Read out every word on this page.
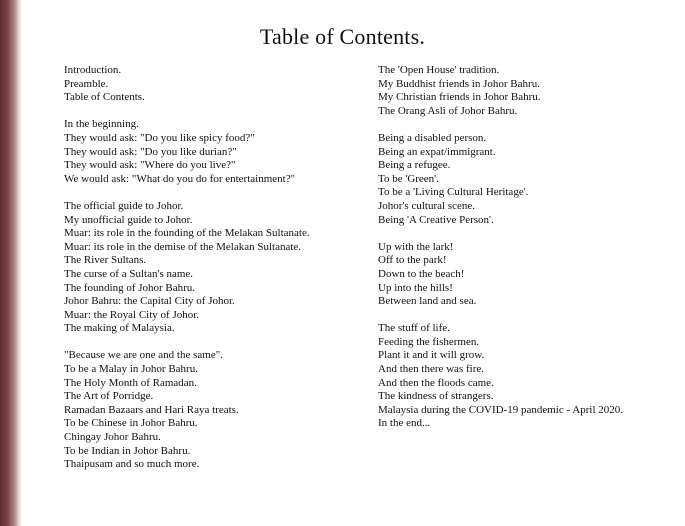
Table of Contents.
Introduction.
Preamble.
Table of Contents.
In the beginning.
They would ask: "Do you like spicy food?"
They would ask: "Do you like durian?"
They would ask: "Where do you live?"
We would ask: "What do you do for entertainment?"
The official guide to Johor.
My unofficial guide to Johor.
Muar: its role in the founding of the Melakan Sultanate.
Muar: its role in the demise of the Melakan Sultanate.
The River Sultans.
The curse of a Sultan's name.
The founding of Johor Bahru.
Johor Bahru: the Capital City of Johor.
Muar: the Royal City of Johor.
The making of Malaysia.
"Because we are one and the same".
To be a Malay in Johor Bahru.
The Holy Month of Ramadan.
The Art of Porridge.
Ramadan Bazaars and Hari Raya treats.
To be Chinese in Johor Bahru.
Chingay Johor Bahru.
To be Indian in Johor Bahru.
Thaipusam and so much more.
The 'Open House' tradition.
My Buddhist friends in Johor Bahru.
My Christian friends in Johor Bahru.
The Orang Asli of Johor Bahru.
Being a disabled person.
Being an expat/immigrant.
Being a refugee.
To be 'Green'.
To be a 'Living Cultural Heritage'.
Johor's cultural scene.
Being 'A Creative Person'.
Up with the lark!
Off to the park!
Down to the beach!
Up into the hills!
Between land and sea.
The stuff of life.
Feeding the fishermen.
Plant it and it will grow.
And then there was fire.
And then the floods came.
The kindness of strangers.
Malaysia during the COVID-19 pandemic - April 2020.
In the end...
